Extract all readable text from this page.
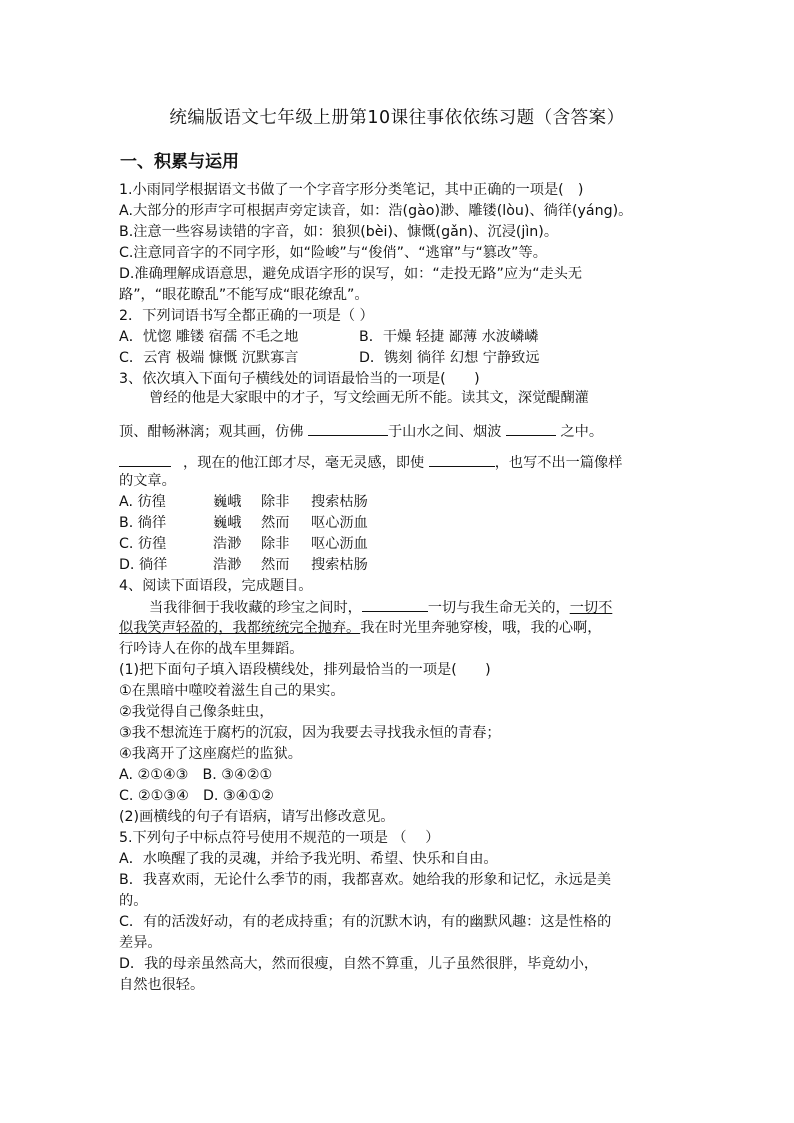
统编版语文七年级上册第10课往事依依练习题（含答案）
一、积累与运用
1.小雨同学根据语文书做了一个字音字形分类笔记，其中正确的一项是(　)
A.大部分的形声字可根据声旁定读音，如：浩(gào)渺、雕镂(lòu)、徜徉(yáng)。
B.注意一些容易读错的字音，如：狼狈(bèi)、慷慨(gǎn)、沉浸(jìn)。
C.注意同音字的不同字形，如“险峻”与“俊俏”、“逃窜”与“篡改”等。
D.准确理解成语意思，避免成语字形的误写，如：“走投无路”应为“走头无
路”，“眼花瞭乱”不能写成“眼花缭乱”。
2．下列词语书写全都正确的一项是（ ）
A．忧惚 雕镂 宿孺 不毛之地	B．干燥 轻捷 鄙薄 水波嶙嶙
C．云宵 极端 慷慨 沉默寡言	D．镌刻 徜徉 幻想 宁静致远
3、依次填入下面句子横线处的词语最恰当的一项是(　　)
曾经的他是大家眼中的才子，写文绘画无所不能。读其文，深觉醍醐灌
顶、酣畅淋漓；观其画，仿佛	于山水之间、烟波	之中。
，现在的他江郎才尽，毫无灵感，即使	，也写不出一篇像样
的文章。
A. 彷徨	巍峨 除非 搜索枯肠
B. 徜徉	巍峨 然而 呕心沥血
C. 彷徨	浩渺 除非 呕心沥血
D. 徜徉	浩渺 然而 搜索枯肠
4、阅读下面语段，完成题目。
当我徘徊于我收藏的珍宝之间时，	一切与我生命无关的，一切不
似我笑声轻盈的，我都统统完全抛弃。我在时光里奔驰穿梭，哦，我的心啊，
行吟诗人在你的战车里舞蹈。
(1)把下面句子填入语段横线处，排列最恰当的一项是(　　)
①在黑暗中噬咬着滋生自己的果实。
②我觉得自己像条蛀虫，
③我不想流连于腐朽的沉寂，因为我要去寻找我永恒的青春；
④我离开了这座腐烂的监狱。
A. ②①④③　B. ③④②①
C. ②①③④　D. ③④①②
(2)画横线的句子有语病，请写出修改意见。
5.下列句子中标点符号使用不规范的一项是 （　 ）
A．水唤醒了我的灵魂，并给予我光明、希望、快乐和自由。
B．我喜欢雨，无论什么季节的雨，我都喜欢。她给我的形象和记忆，永远是美
的。
C．有的活泼好动，有的老成持重；有的沉默木讷，有的幽默风趣：这是性格的
差异。
D．我的母亲虽然高大，然而很瘦，自然不算重，儿子虽然很胖，毕竟幼小，
自然也很轻。
